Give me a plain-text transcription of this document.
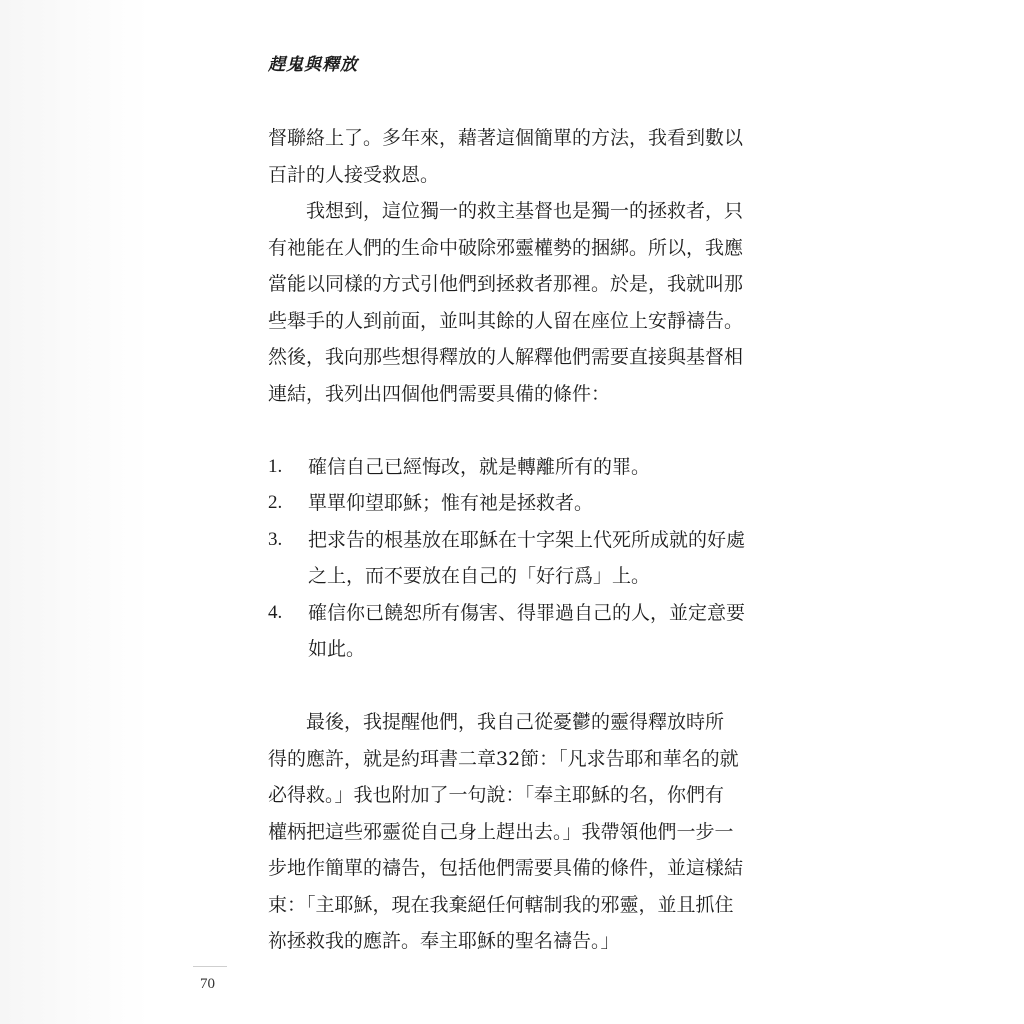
趕鬼與釋放
督聯絡上了。多年來，藉著這個簡單的方法，我看到數以
百計的人接受救恩。
我想到，這位獨一的救主基督也是獨一的拯救者，只
有祂能在人們的生命中破除邪靈權勢的捆綁。所以，我應
當能以同樣的方式引他們到拯救者那裡。於是，我就叫那
些舉手的人到前面，並叫其餘的人留在座位上安靜禱告。
然後，我向那些想得釋放的人解釋他們需要直接與基督相
連結，我列出四個他們需要具備的條件：
1.	確信自己已經悔改，就是轉離所有的罪。
2.	單單仰望耶穌；惟有祂是拯救者。
3.	把求告的根基放在耶穌在十字架上代死所成就的好處
之上，而不要放在自己的「好行爲」上。
4.	確信你已饒恕所有傷害、得罪過自己的人，並定意要
如此。
最後，我提醒他們，我自己從憂鬱的靈得釋放時所
得的應許，就是約珥書二章32節：「凡求告耶和華名的就
必得救。」我也附加了一句說：「奉主耶穌的名，你們有
權柄把這些邪靈從自己身上趕出去。」我帶領他們一步一
步地作簡單的禱告，包括他們需要具備的條件，並這樣結
束：「主耶穌，現在我棄絕任何轄制我的邪靈，並且抓住
祢拯救我的應許。奉主耶穌的聖名禱告。」
70
